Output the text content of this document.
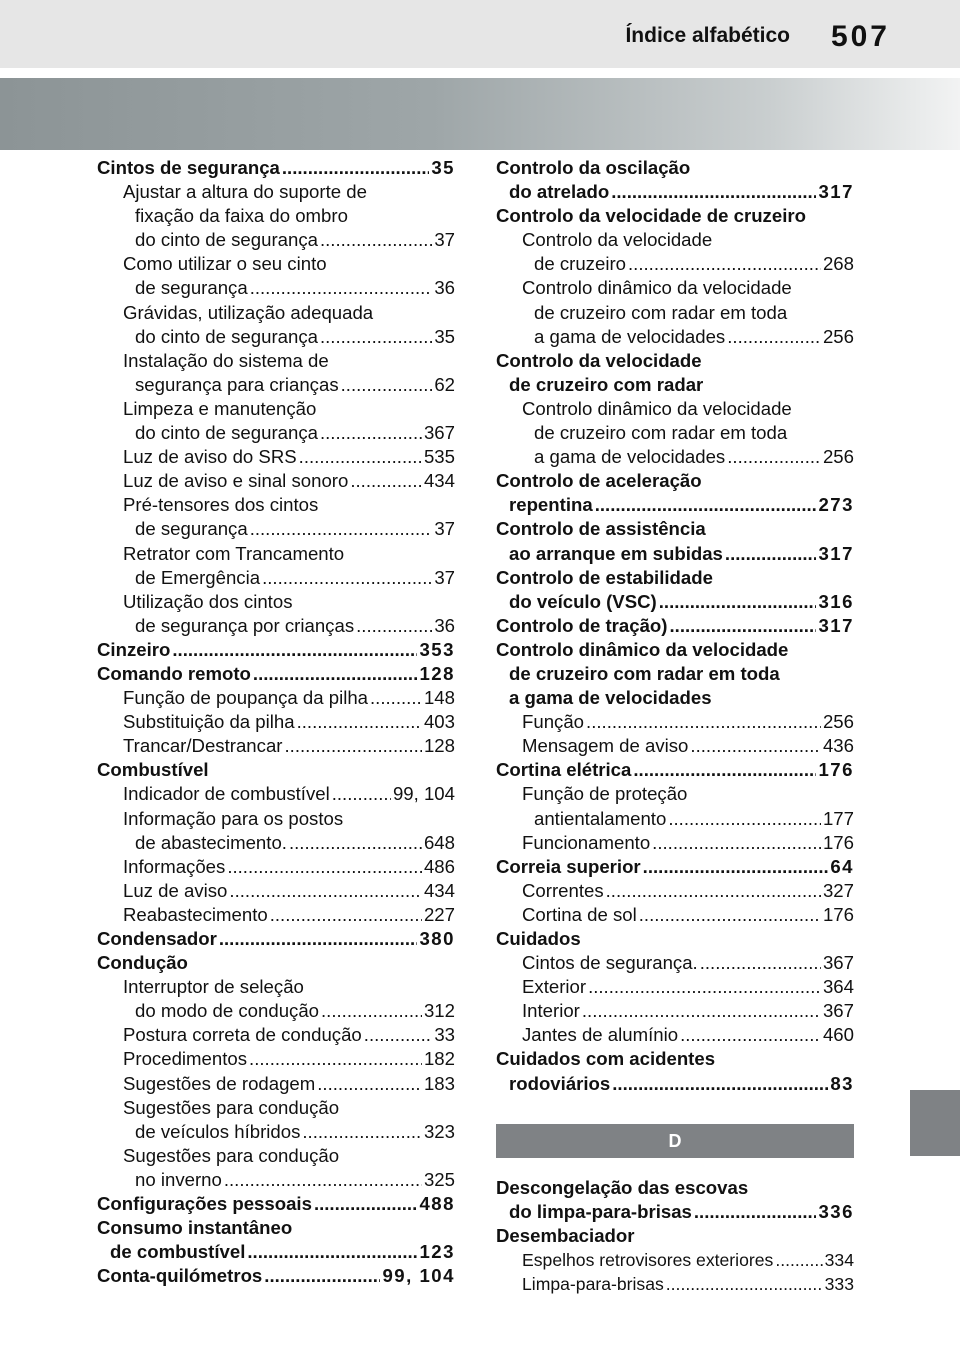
Índice alfabético 507
Cintos de segurança .....	35
Ajustar a altura do suporte de
fixação da faixa do ombro
do cinto de segurança .....	37
Como utilizar o seu cinto
de segurança .....	36
Grávidas, utilização adequada
do cinto de segurança .....	35
Instalação do sistema de
segurança para crianças .....	62
Limpeza e manutenção
do cinto de segurança .....	367
Luz de aviso do SRS .....	535
Luz de aviso e sinal sonoro .....	434
Pré-tensores dos cintos
de segurança .....	37
Retrator com Trancamento
de Emergência .....	37
Utilização dos cintos
de segurança por crianças .....	36
Cinzeiro .....	353
Comando remoto .....	128
Função de poupança da pilha .....	148
Substituição da pilha .....	403
Trancar/Destrancar .....	128
Combustível
Indicador de combustível .....	99, 104
Informação para os postos
de abastecimento. .....	648
Informações .....	486
Luz de aviso .....	434
Reabastecimento .....	227
Condensador .....	380
Condução
Interruptor de seleção
do modo de condução .....	312
Postura correta de condução .....	33
Procedimentos .....	182
Sugestões de rodagem .....	183
Sugestões para condução
de veículos híbridos .....	323
Sugestões para condução
no inverno .....	325
Configurações pessoais .....	488
Consumo instantâneo
de combustível .....	123
Conta-quilómetros .....	99, 104
Controlo da oscilação
do atrelado .....	317
Controlo da velocidade de cruzeiro
Controlo da velocidade
de cruzeiro .....	268
Controlo dinâmico da velocidade
de cruzeiro com radar em toda
a gama de velocidades .....	256
Controlo da velocidade
de cruzeiro com radar
Controlo dinâmico da velocidade
de cruzeiro com radar em toda
a gama de velocidades .....	256
Controlo de aceleração
repentina .....	273
Controlo de assistência
ao arranque em subidas .....	317
Controlo de estabilidade
do veículo (VSC) .....	316
Controlo de tração) .....	317
Controlo dinâmico da velocidade
de cruzeiro com radar em toda
a gama de velocidades
Função .....	256
Mensagem de aviso .....	436
Cortina elétrica .....	176
Função de proteção
antientalamento .....	177
Funcionamento .....	176
Correia superior .....	64
Correntes .....	327
Cortina de sol .....	176
Cuidados
Cintos de segurança. .....	367
Exterior .....	364
Interior .....	367
Jantes de alumínio .....	460
Cuidados com acidentes
rodoviários .....	83
D
Descongelação das escovas
do limpa-para-brisas .....	336
Desembaciador
Espelhos retrovisores exteriores .....	334
Limpa-para-brisas .....	333
